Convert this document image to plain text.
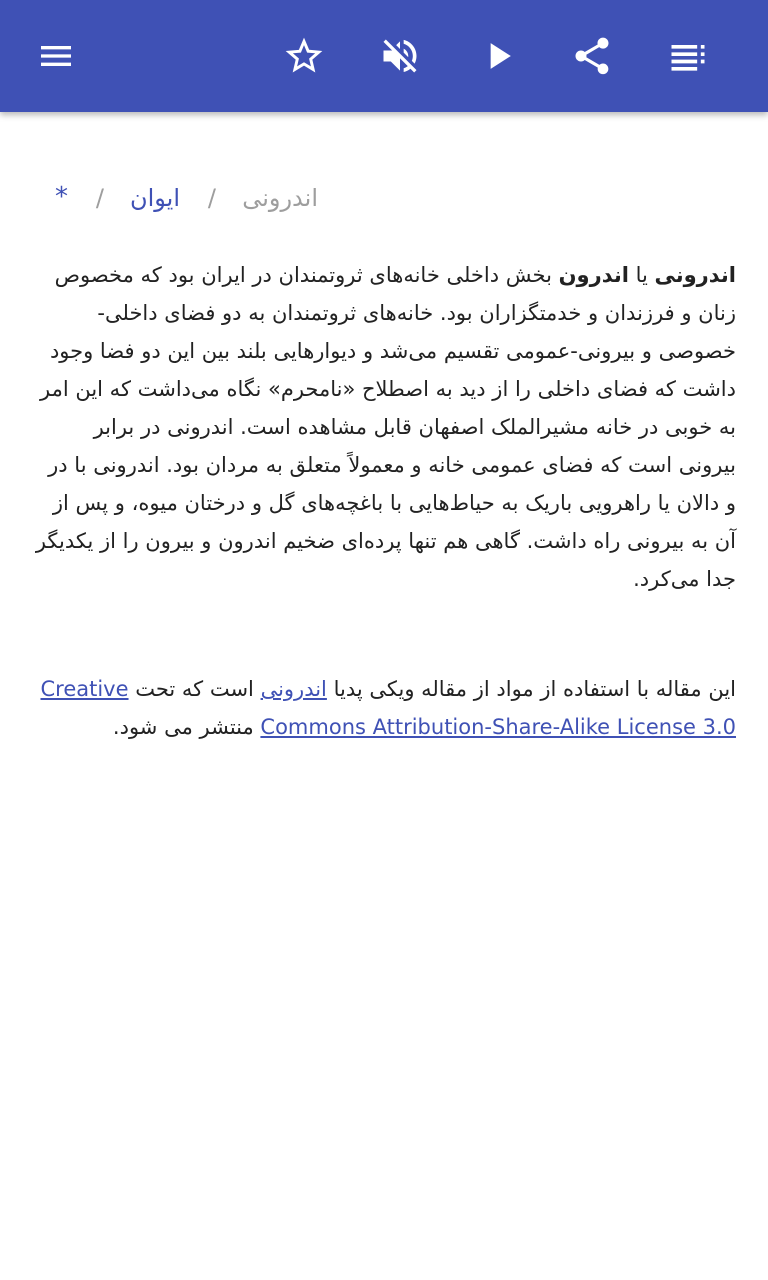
اندرونی
/
ایوان
/
*

اندرونی یا اندرون بخش داخلی خانه‌های ثروتمندان در ایران بود که مخصوص زنان و فرزندان و خدمتگزاران بود. خانه‌های ثروتمندان به دو فضای داخلی-خصوصی و بیرونی-عمومی تقسیم می‌شد و دیوارهایی بلند بین این دو فضا وجود داشت که فضای داخلی را از دید به اصطلاح «نامحرم» نگاه می‌داشت که این امر به خوبی در خانه مشیرالملک اصفهان قابل مشاهده است. اندرونی در برابر بیرونی است که فضای عمومی خانه و معمولاً متعلق به مردان بود. اندرونی با در و دالان یا راهرویی باریک به حیاط‌هایی با باغچه‌های گل و درختان میوه، و پس از آن به بیرونی راه داشت. گاهی هم تنها پرده‌ای ضخیم اندرون و بیرون را از یکدیگر جدا می‌کرد.

این مقاله با استفاده از مواد از مقاله ویکی پدیا اندرونی است که تحت Creative Commons Attribution-Share-Alike License 3.0 منتشر می شود.
